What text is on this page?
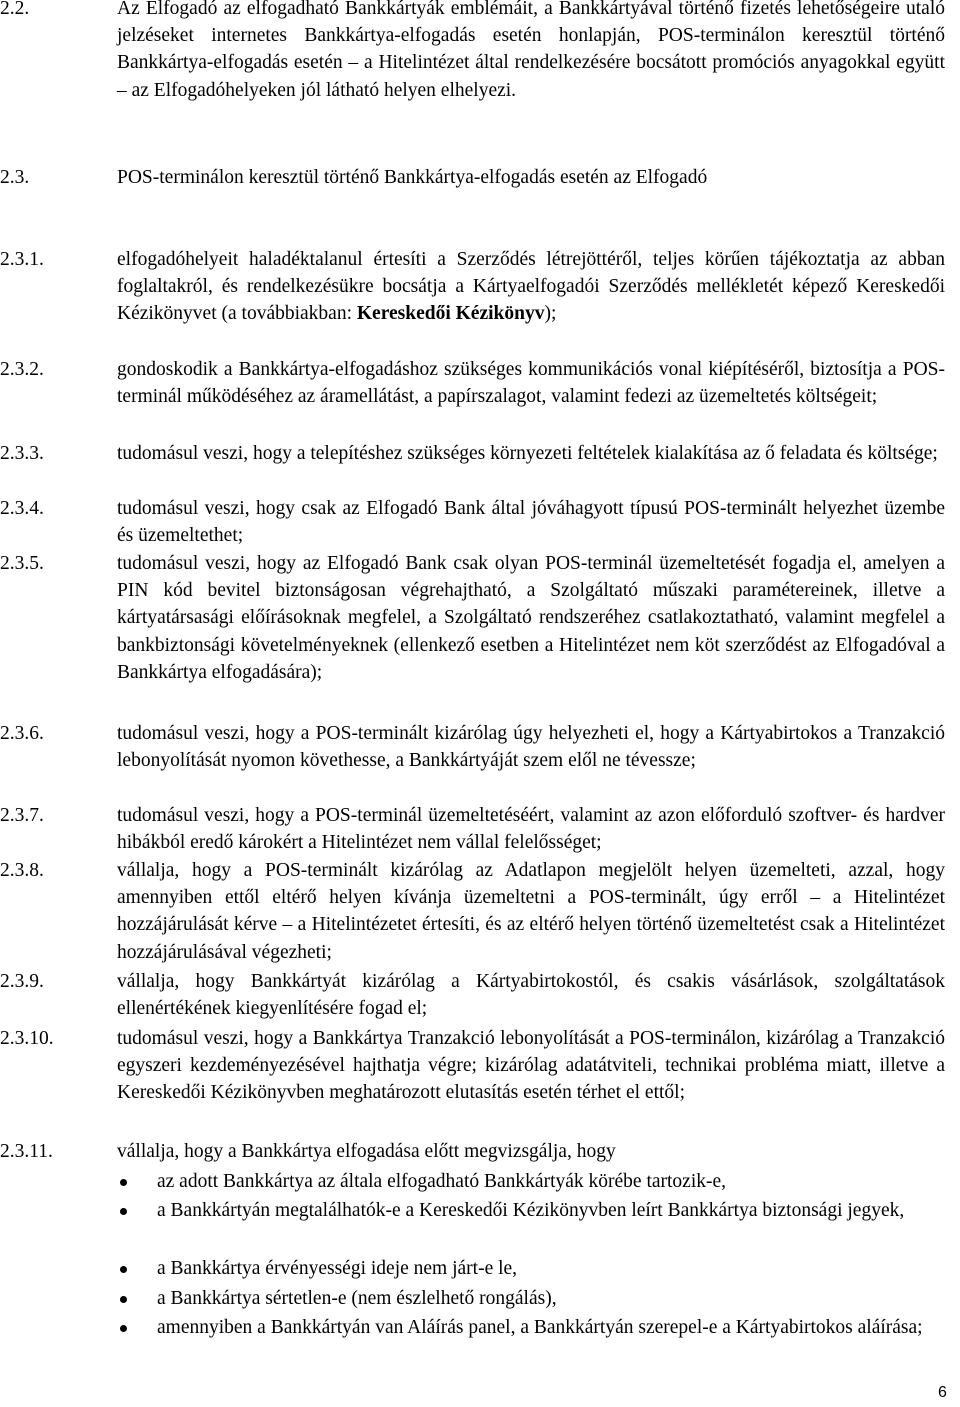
2.2.	Az Elfogadó az elfogadható Bankkártyák emblémáit, a Bankkártyával történő fizetés lehetőségeire utaló jelzéseket internetes Bankkártya-elfogadás esetén honlapján, POS-terminálon keresztül történő Bankkártya-elfogadás esetén – a Hitelintézet által rendelkezésére bocsátott promóciós anyagokkal együtt – az Elfogadóhelyeken jól látható helyen elhelyezi.
2.3.	POS-terminálon keresztül történő Bankkártya-elfogadás esetén az Elfogadó
2.3.1.	elfogadóhelyeit haladéktalanul értesíti a Szerződés létrejöttéről, teljes körűen tájékoztatja az abban foglaltakról, és rendelkezésükre bocsátja a Kártyaelfogadói Szerződés mellékletét képező Kereskedői Kézikönyvet (a továbbiakban: Kereskedői Kézikönyv);
2.3.2.	gondoskodik a Bankkártya-elfogadáshoz szükséges kommunikációs vonal kiépítéséről, biztosítja a POS-terminál működéséhez az áramellátást, a papírszalagot, valamint fedezi az üzemeltetés költségeit;
2.3.3.	tudomásul veszi, hogy a telepítéshez szükséges környezeti feltételek kialakítása az ő feladata és költsége;
2.3.4.	tudomásul veszi, hogy csak az Elfogadó Bank által jóváhagyott típusú POS-terminált helyezhet üzembe és üzemeltethet;
2.3.5.	tudomásul veszi, hogy az Elfogadó Bank csak olyan POS-terminál üzemeltetését fogadja el, amelyen a PIN kód bevitel biztonságosan végrehajtható, a Szolgáltató műszaki paramétereinek, illetve a kártyatársasági előírásoknak megfelel, a Szolgáltató rendszeréhez csatlakoztatható, valamint megfelel a bankbiztonsági követelményeknek (ellenkező esetben a Hitelintézet nem köt szerződést az Elfogadóval a Bankkártya elfogadására);
2.3.6.	tudomásul veszi, hogy a POS-terminált kizárólag úgy helyezheti el, hogy a Kártyabirtokos a Tranzakció lebonyolítását nyomon követhesse, a Bankkártyáját szem elől ne tévessze;
2.3.7.	tudomásul veszi, hogy a POS-terminál üzemeltetéséért, valamint az azon előforduló szoftver- és hardver hibákból eredő károkért a Hitelintézet nem vállal felelősséget;
2.3.8.	vállalja, hogy a POS-terminált kizárólag az Adatlapon megjelölt helyen üzemelteti, azzal, hogy amennyiben ettől eltérő helyen kívánja üzemeltetni a POS-terminált, úgy erről – a Hitelintézet hozzájárulását kérve – a Hitelintézetet értesíti, és az eltérő helyen történő üzemeltetést csak a Hitelintézet hozzájárulásával végezheti;
2.3.9.	vállalja, hogy Bankkártyát kizárólag a Kártyabirtokostól, és csakis vásárlások, szolgáltatások ellenértékének kiegyenlítésére fogad el;
2.3.10.	tudomásul veszi, hogy a Bankkártya Tranzakció lebonyolítását a POS-terminálon, kizárólag a Tranzakció egyszeri kezdeményezésével hajthatja végre; kizárólag adatátviteli, technikai probléma miatt, illetve a Kereskedői Kézikönyvben meghatározott elutasítás esetén térhet el ettől;
2.3.11.	vállalja, hogy a Bankkártya elfogadása előtt megvizsgálja, hogy
az adott Bankkártya az általa elfogadható Bankkártyák körébe tartozik-e,
a Bankkártyán megtalálhatók-e a Kereskedői Kézikönyvben leírt Bankkártya biztonsági jegyek,
a Bankkártya érvényességi ideje nem járt-e le,
a Bankkártya sértetlen-e (nem észlelhető rongálás),
amennyiben a Bankkártyán van Aláírás panel, a Bankkártyán szerepel-e a Kártyabirtokos aláírása;
6
